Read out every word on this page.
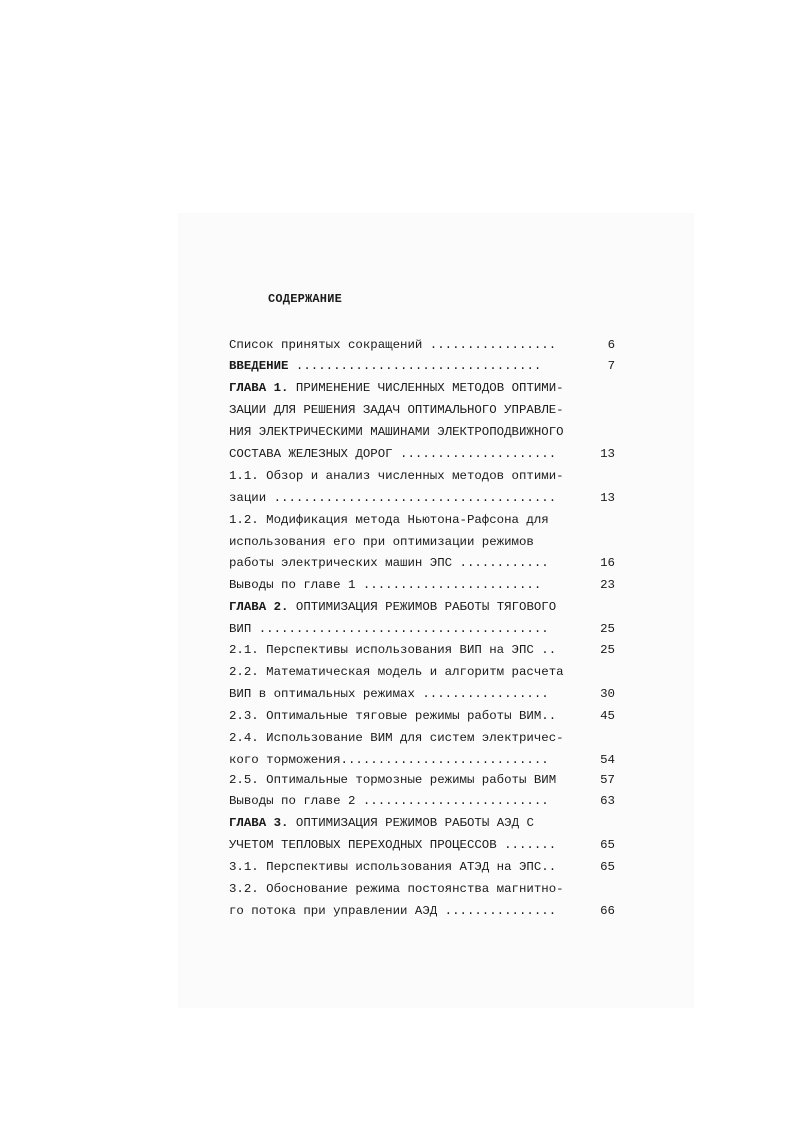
СОДЕРЖАНИЕ
Список принятых сокращений .................	6
ВВЕДЕНИЕ .................................	7
ГЛАВА 1. ПРИМЕНЕНИЕ ЧИСЛЕННЫХ МЕТОДОВ ОПТИМИ-
ЗАЦИИ ДЛЯ РЕШЕНИЯ ЗАДАЧ ОПТИМАЛЬНОГО УПРАВЛЕ-
НИЯ ЭЛЕКТРИЧЕСКИМИ МАШИНАМИ ЭЛЕКТРОПОДВИЖНОГО
СОСТАВА ЖЕЛЕЗНЫХ ДОРОГ .....................	13
1.1. Обзор и анализ численных методов оптими-
зации ......................................	13
1.2. Модификация метода Ньютона-Рафсона для
использования его при оптимизации режимов
работы электрических машин ЭПС ............	16
Выводы по главе 1 ........................	23
ГЛАВА 2. ОПТИМИЗАЦИЯ РЕЖИМОВ РАБОТЫ ТЯГОВОГО
ВИП .......................................	25
2.1. Перспективы использования ВИП на ЭПС ..	25
2.2. Математическая модель и алгоритм расчета
ВИП в оптимальных режимах .................	30
2.3. Оптимальные тяговые режимы работы ВИМ..	45
2.4. Использование ВИМ для систем электричес-
кого торможения............................	54
2.5. Оптимальные тормозные режимы работы ВИМ	57
Выводы по главе 2 .........................	63
ГЛАВА 3. ОПТИМИЗАЦИЯ РЕЖИМОВ РАБОТЫ АЭД С
УЧЕТОМ ТЕПЛОВЫХ ПЕРЕХОДНЫХ ПРОЦЕССОВ .......	65
3.1. Перспективы использования АТЭД на ЭПС..	65
3.2. Обоснование режима постоянства магнитно-
го потока при управлении АЭД ...............	66
